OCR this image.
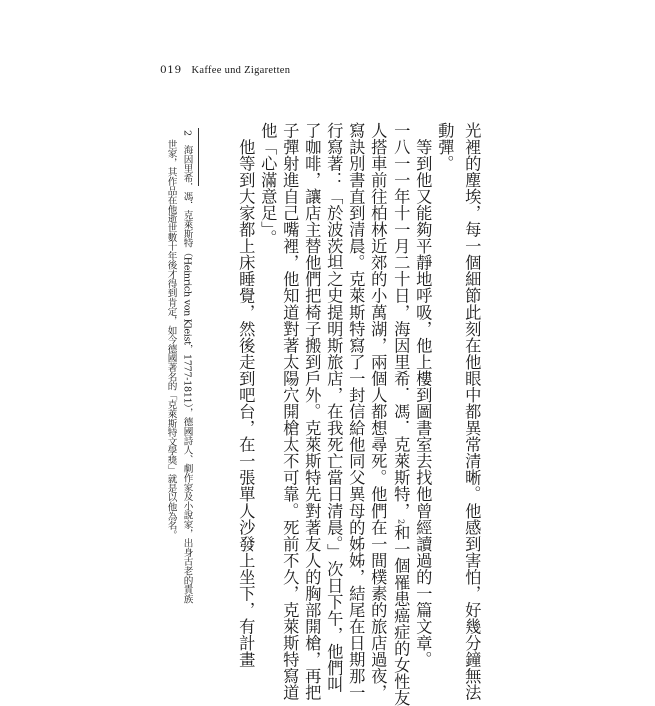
019 Kaffee und Zigaretten
光裡的塵埃，每一個細節此刻在他眼中都異常清晰。他感到害怕，好幾分鐘無法
動彈。
　等到他又能夠平靜地呼吸，他上樓到圖書室去找他曾經讀過的一篇文章。
一八一一年十一月二十日，海因里希．馮．克萊斯特，2和一個罹患癌症的女性友
人搭車前往柏林近郊的小萬湖，兩個人都想尋死。他們在一間樸素的旅店過夜，
寫訣別書直到清晨。克萊斯特寫了一封信給他同父異母的姊姊，結尾在日期那一
行寫著：「於波茨坦之史提明斯旅店，在我死亡當日清晨。」次日下午，他們叫
了咖啡，讓店主替他們把椅子搬到戶外。克萊斯特先對著友人的胸部開槍，再把
子彈射進自己嘴裡，他知道對著太陽穴開槍太不可靠。死前不久，克萊斯特寫道
他「心滿意足」。
　他等到大家都上床睡覺，然後走到吧台，在一張單人沙發上坐下，有計畫
2　海因里希．馮．克萊斯特（Heinrich von Kleist，1777-1811），德國詩人、劇作家及小說家，出身古老的貴族
　世家，其作品在他逝世數十年後才得到肯定，如今德國著名的「克萊斯特文學獎」就是以他為名。
